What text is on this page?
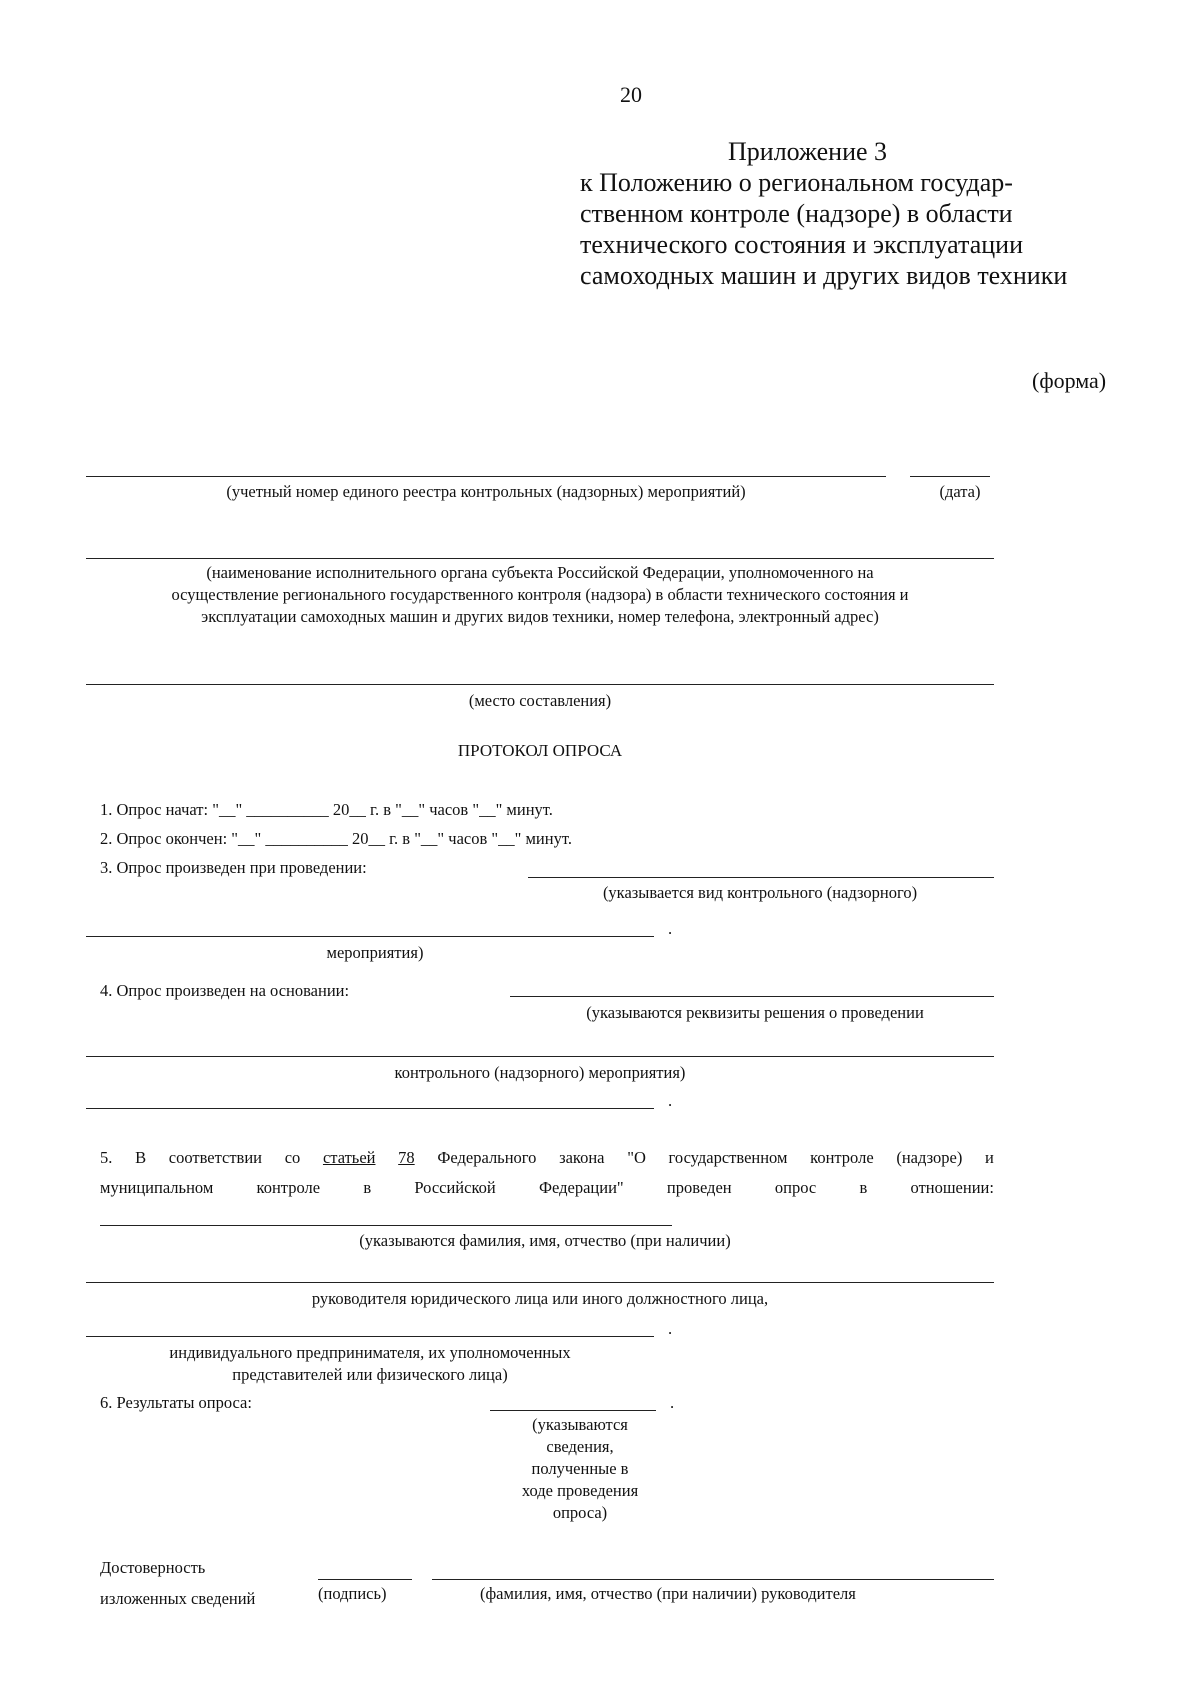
20
Приложение 3
к Положению о региональном государ-
ственном контроле (надзоре) в области
технического состояния и эксплуатации
самоходных машин и других видов техники
(форма)
(учетный номер единого реестра контрольных (надзорных) мероприятий)	(дата)
(наименование исполнительного органа субъекта Российской Федерации, уполномоченного на
осуществление регионального государственного контроля (надзора) в области технического состояния и
эксплуатации самоходных машин и других видов техники, номер телефона, электронный адрес)
(место составления)
ПРОТОКОЛ ОПРОСА
1. Опрос начат: "__" __________ 20__ г. в "__" часов "__" минут.
2. Опрос окончен: "__" __________ 20__ г. в "__" часов "__" минут.
3. Опрос произведен при проведении:
(указывается вид контрольного (надзорного)
.
мероприятия)
4. Опрос произведен на основании:
(указываются реквизиты решения о проведении
контрольного (надзорного) мероприятия)
.
5. В соответствии со статьей 78 Федерального закона "О государственном контроле (надзоре) и
муниципальном	контроле	в	Российской	Федерации"	проведен	опрос	в	отношении:
(указываются фамилия, имя, отчество (при наличии)
руководителя юридического лица или иного должностного лица,
.
индивидуального предпринимателя, их уполномоченных
представителей или физического лица)
6. Результаты опроса:	.
(указываются
сведения,
полученные в
ходе проведения
опроса)
Достоверность
изложенных сведений	(подпись)	(фамилия, имя, отчество (при наличии) руководителя
